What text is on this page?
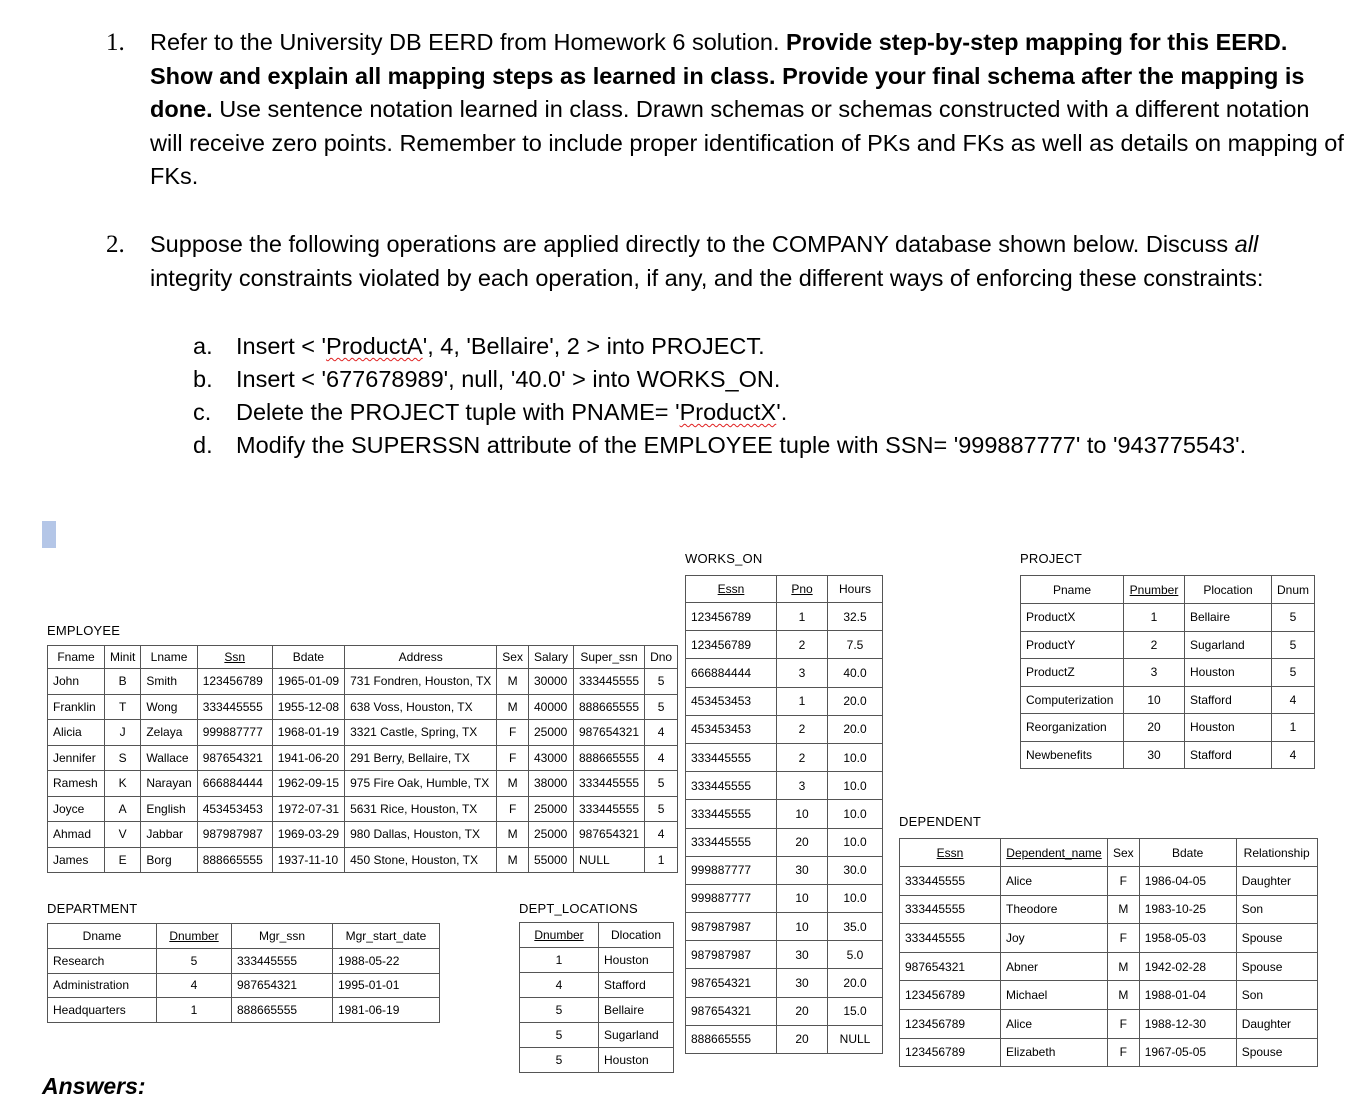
1. Refer to the University DB EERD from Homework 6 solution. Provide step-by-step mapping for this EERD. Show and explain all mapping steps as learned in class. Provide your final schema after the mapping is done. Use sentence notation learned in class. Drawn schemas or schemas constructed with a different notation will receive zero points. Remember to include proper identification of PKs and FKs as well as details on mapping of FKs.
2. Suppose the following operations are applied directly to the COMPANY database shown below. Discuss all integrity constraints violated by each operation, if any, and the different ways of enforcing these constraints:
a. Insert < 'ProductA', 4, 'Bellaire', 2 > into PROJECT.
b. Insert < '677678989', null, '40.0' > into WORKS_ON.
c. Delete the PROJECT tuple with PNAME= 'ProductX'.
d. Modify the SUPERSSN attribute of the EMPLOYEE tuple with SSN= '999887777' to '943775543'.
EMPLOYEE
Fname	Minit	Lname	Ssn	Bdate	Address	Sex	Salary	Super_ssn	Dno
John	B	Smith	123456789	1965-01-09	731 Fondren, Houston, TX	M	30000	333445555	5
Franklin	T	Wong	333445555	1955-12-08	638 Voss, Houston, TX	M	40000	888665555	5
Alicia	J	Zelaya	999887777	1968-01-19	3321 Castle, Spring, TX	F	25000	987654321	4
Jennifer	S	Wallace	987654321	1941-06-20	291 Berry, Bellaire, TX	F	43000	888665555	4
Ramesh	K	Narayan	666884444	1962-09-15	975 Fire Oak, Humble, TX	M	38000	333445555	5
Joyce	A	English	453453453	1972-07-31	5631 Rice, Houston, TX	F	25000	333445555	5
Ahmad	V	Jabbar	987987987	1969-03-29	980 Dallas, Houston, TX	M	25000	987654321	4
James	E	Borg	888665555	1937-11-10	450 Stone, Houston, TX	M	55000	NULL	1
DEPARTMENT
Dname	Dnumber	Mgr_ssn	Mgr_start_date
Research	5	333445555	1988-05-22
Administration	4	987654321	1995-01-01
Headquarters	1	888665555	1981-06-19
DEPT_LOCATIONS
Dnumber	Dlocation
1	Houston
4	Stafford
5	Bellaire
5	Sugarland
5	Houston
WORKS_ON
Essn	Pno	Hours
123456789	1	32.5
123456789	2	7.5
666884444	3	40.0
453453453	1	20.0
453453453	2	20.0
333445555	2	10.0
333445555	3	10.0
333445555	10	10.0
333445555	20	10.0
999887777	30	30.0
999887777	10	10.0
987987987	10	35.0
987987987	30	5.0
987654321	30	20.0
987654321	20	15.0
888665555	20	NULL
PROJECT
Pname	Pnumber	Plocation	Dnum
ProductX	1	Bellaire	5
ProductY	2	Sugarland	5
ProductZ	3	Houston	5
Computerization	10	Stafford	4
Reorganization	20	Houston	1
Newbenefits	30	Stafford	4
DEPENDENT
Essn	Dependent_name	Sex	Bdate	Relationship
333445555	Alice	F	1986-04-05	Daughter
333445555	Theodore	M	1983-10-25	Son
333445555	Joy	F	1958-05-03	Spouse
987654321	Abner	M	1942-02-28	Spouse
123456789	Michael	M	1988-01-04	Son
123456789	Alice	F	1988-12-30	Daughter
123456789	Elizabeth	F	1967-05-05	Spouse
Answers:
